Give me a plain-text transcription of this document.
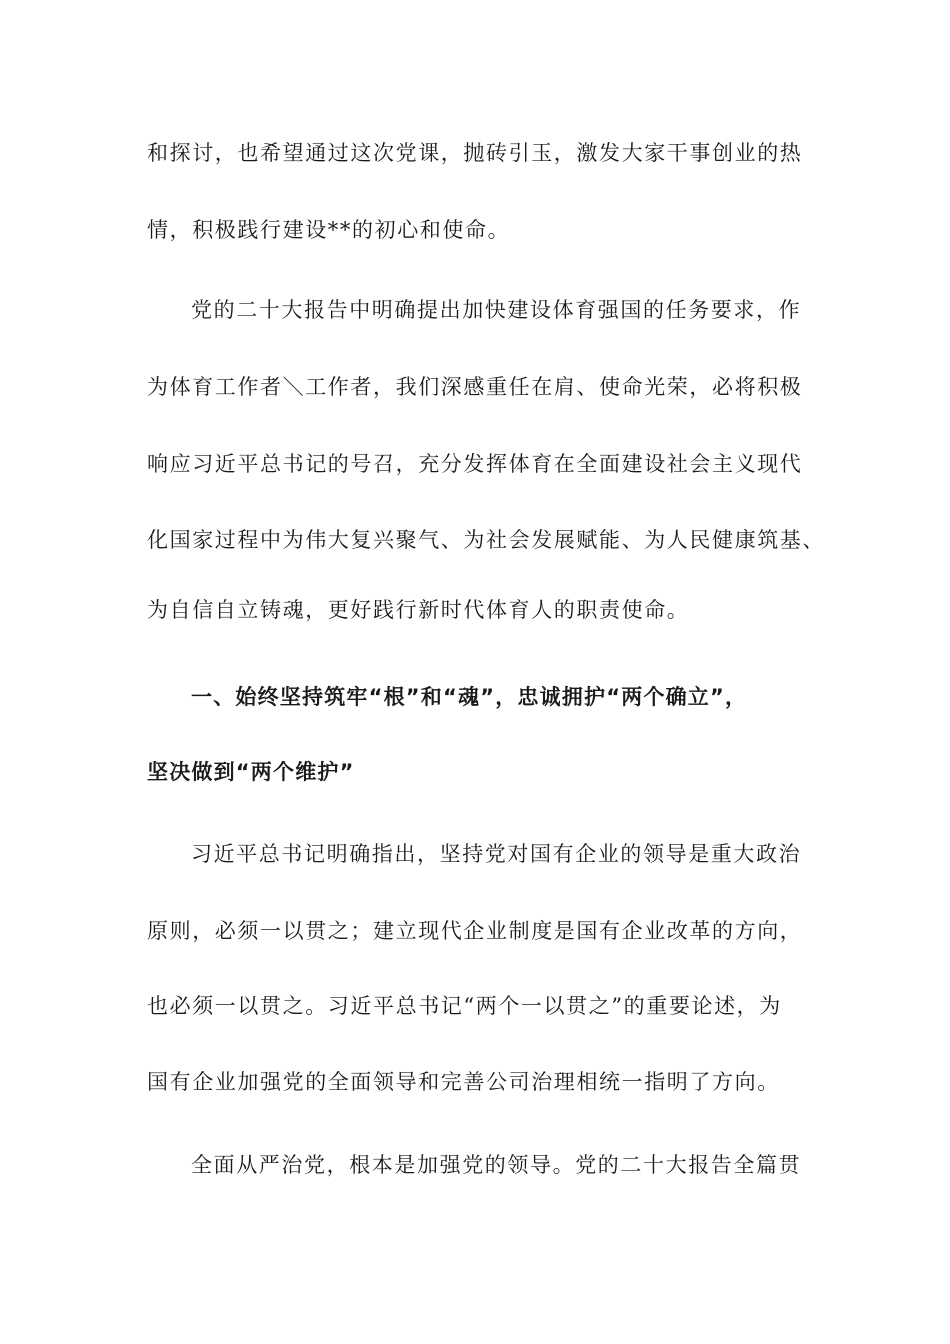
和探讨，也希望通过这次党课，抛砖引玉，激发大家干事创业的热
情，积极践行建设**的初心和使命。
党的二十大报告中明确提出加快建设体育强国的任务要求，作
为体育工作者＼工作者，我们深感重任在肩、使命光荣，必将积极
响应习近平总书记的号召，充分发挥体育在全面建设社会主义现代
化国家过程中为伟大复兴聚气、为社会发展赋能、为人民健康筑基、
为自信自立铸魂，更好践行新时代体育人的职责使命。
一、始终坚持筑牢“根”和“魂”，忠诚拥护“两个确立”，
坚决做到“两个维护”
习近平总书记明确指出，坚持党对国有企业的领导是重大政治
原则，必须一以贯之；建立现代企业制度是国有企业改革的方向，
也必须一以贯之。习近平总书记“两个一以贯之”的重要论述，为
国有企业加强党的全面领导和完善公司治理相统一指明了方向。
全面从严治党，根本是加强党的领导。党的二十大报告全篇贯
